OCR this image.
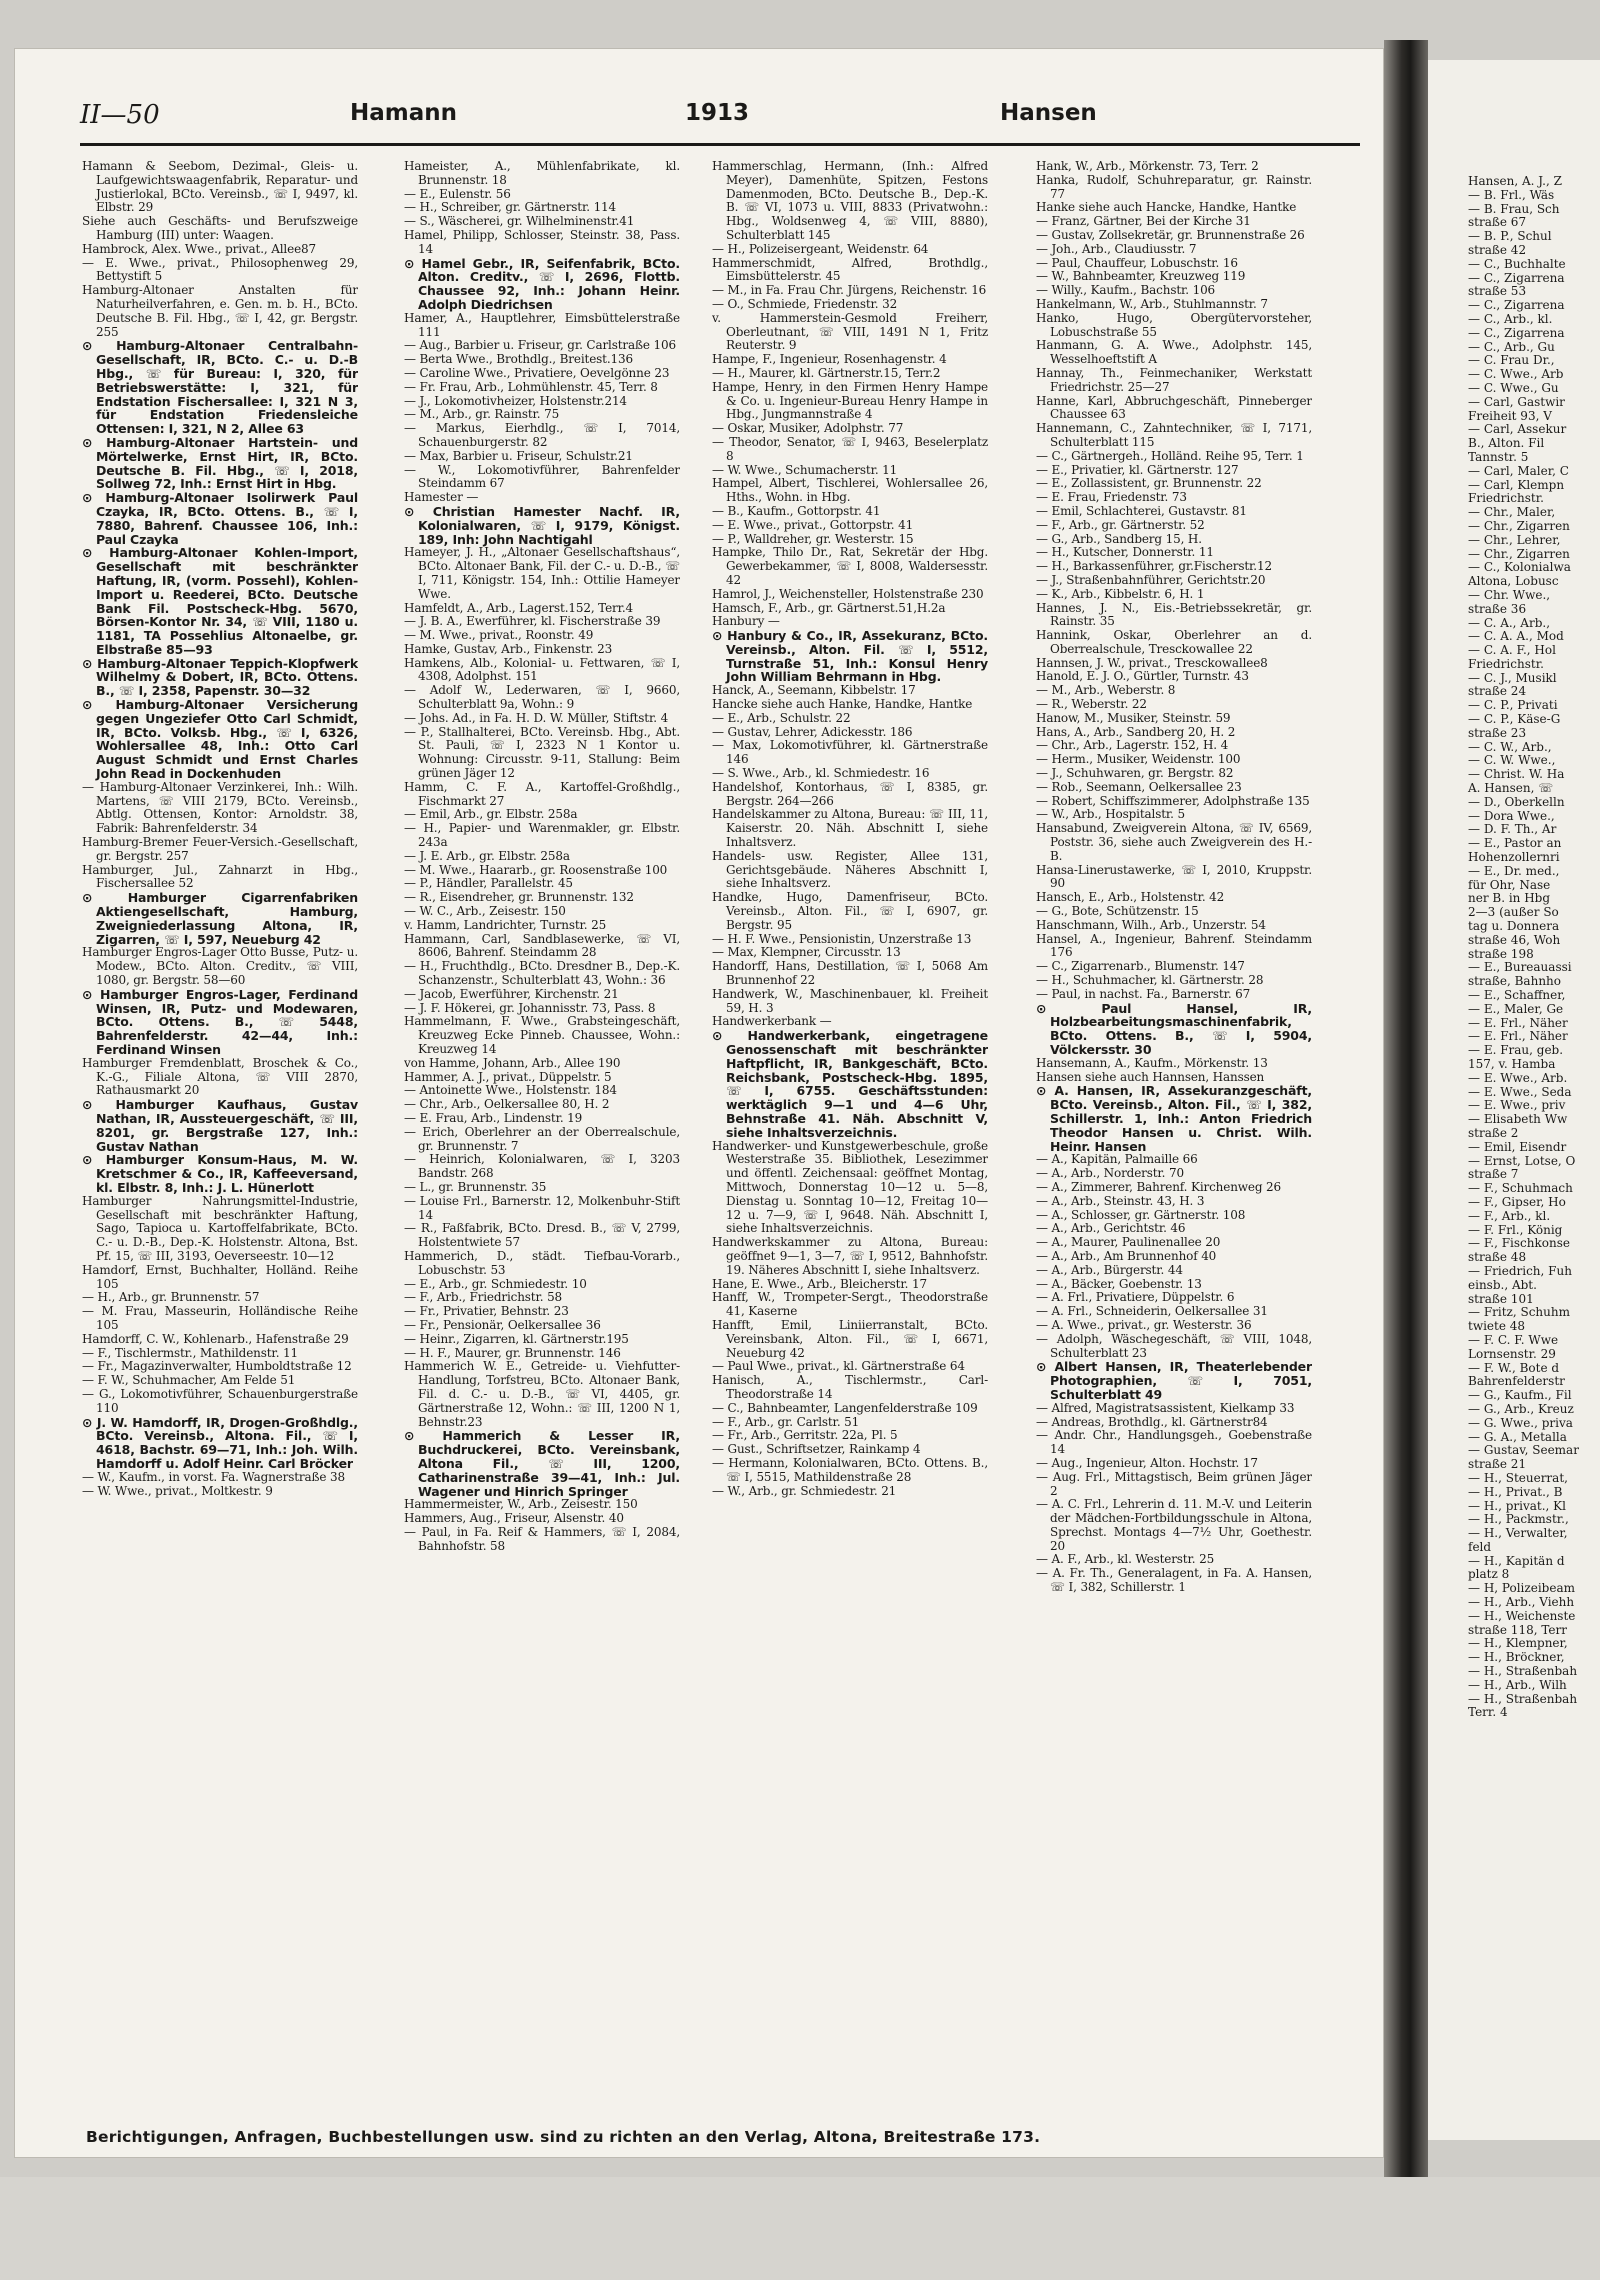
Hansen, A. J., Z
— B. Frl., Wäs
— B. Frau, Sch
straße 67
— B. P., Schul
straße 42
— C., Buchhalte
— C., Zigarrena
straße 53
— C., Zigarrena
— C., Arb., kl.
— C., Zigarrena
— C., Arb., Gu
— C. Frau Dr.,
— C. Wwe., Arb
— C. Wwe., Gu
— Carl, Gastwir
Freiheit 93, V
— Carl, Assekur
B., Alton. Fil
Tannstr. 5
— Carl, Maler, C
— Carl, Klempn
Friedrichstr.
— Chr., Maler,
— Chr., Zigarren
— Chr., Lehrer,
— Chr., Zigarren
— C., Kolonialwa
Altona, Lobusc
— Chr. Wwe.,
straße 36
— C. A., Arb.,
— C. A. A., Mod
— C. A. F., Hol
Friedrichstr.
— C. J., Musikl
straße 24
— C. P., Privati
— C. P., Käse-G
straße 23
— C. W., Arb.,
— C. W. Wwe.,
— Christ. W. Ha
A. Hansen, ☏
— D., Oberkelln
— Dora Wwe.,
— D. F. Th., Ar
— E., Pastor an
Hohenzollernri
— E., Dr. med.,
für Ohr, Nase
ner B. in Hbg
2—3 (außer So
tag u. Donnera
straße 46, Woh
straße 198
— E., Bureauassi
straße, Bahnho
— E., Schaffner,
— E., Maler, Ge
— E. Frl., Näher
— E. Frl., Näher
— E. Frau, geb.
157, v. Hamba
— E. Wwe., Arb.
— E. Wwe., Seda
— E. Wwe., priv
— Elisabeth Ww
straße 2
— Emil, Eisendr
— Ernst, Lotse, O
straße 7
— F., Schuhmach
— F., Gipser, Ho
— F., Arb., kl.
— F. Frl., König
— F., Fischkonse
straße 48
— Friedrich, Fuh
einsb., Abt.
straße 101
— Fritz, Schuhm
twiete 48
— F. C. F. Wwe
Lornsenstr. 29
— F. W., Bote d
Bahrenfelderstr
— G., Kaufm., Fil
— G., Arb., Kreuz
— G. Wwe., priva
— G. A., Metalla
— Gustav, Seemar
straße 21
— H., Steuerrat,
— H., Privat., B
— H., privat., Kl
— H., Packmstr.,
— H., Verwalter,
feld
— H., Kapitän d
platz 8
— H, Polizeibeam
— H., Arb., Viehh
— H., Weichenste
straße 118, Terr
— H., Klempner,
— H., Bröckner,
— H., Straßenbah
— H., Arb., Wilh
— H., Straßenbah
Terr. 4
II—50	Hamann	1913	Hansen

Hamann & Seebom, Dezimal-, Gleis- u. Laufgewichtswaagenfabrik, Reparatur- und Justierlokal, BCto. Vereinsb., ☏ I, 9497, kl. Elbstr. 29

Siehe auch Geschäfts- und Berufszweige Hamburg (III) unter: Waagen.

Hambrock, Alex. Wwe., privat., Allee87

— E. Wwe., privat., Philosophenweg 29, Bettystift 5

Hamburg-Altonaer Anstalten für Naturheilverfahren, e. Gen. m. b. H., BCto. Deutsche B. Fil. Hbg., ☏ I, 42, gr. Bergstr. 255

⊙ Hamburg-Altonaer Centralbahn-Gesellschaft, IR, BCto. C.- u. D.-B Hbg., ☏ für Bureau: I, 320, für Betriebswerstätte: I, 321, für Endstation Fischersallee: I, 321 N 3, für Endstation Friedensleiche Ottensen: I, 321, N 2, Allee 63

⊙ Hamburg-Altonaer Hartstein- und Mörtelwerke, Ernst Hirt, IR, BCto. Deutsche B. Fil. Hbg., ☏ I, 2018, Sollweg 72, Inh.: Ernst Hirt in Hbg.

⊙ Hamburg-Altonaer Isolirwerk Paul Czayka, IR, BCto. Ottens. B., ☏ I, 7880, Bahrenf. Chaussee 106, Inh.: Paul Czayka

⊙ Hamburg-Altonaer Kohlen-Import, Gesellschaft mit beschränkter Haftung, IR, (vorm. Possehl), Kohlen-Import u. Reederei, BCto. Deutsche Bank Fil. Postscheck-Hbg. 5670, Börsen-Kontor Nr. 34, ☏ VIII, 1180 u. 1181, TA Possehlius Altonaelbe, gr. Elbstraße 85—93

⊙ Hamburg-Altonaer Teppich-Klopfwerk Wilhelmy & Dobert, IR, BCto. Ottens. B., ☏ I, 2358, Papenstr. 30—32

⊙ Hamburg-Altonaer Versicherung gegen Ungeziefer Otto Carl Schmidt, IR, BCto. Volksb. Hbg., ☏ I, 6326, Wohlersallee 48, Inh.: Otto Carl August Schmidt und Ernst Charles John Read in Dockenhuden

— Hamburg-Altonaer Verzinkerei, Inh.: Wilh. Martens, ☏ VIII 2179, BCto. Vereinsb., Abtlg. Ottensen, Kontor: Arnoldstr. 38, Fabrik: Bahrenfelderstr. 34

Hamburg-Bremer Feuer-Versich.-Gesellschaft, gr. Bergstr. 257

Hamburger, Jul., Zahnarzt in Hbg., Fischersallee 52

⊙ Hamburger Cigarrenfabriken Aktiengesellschaft, Hamburg, Zweigniederlassung Altona, IR, Zigarren, ☏ I, 597, Neueburg 42

Hamburger Engros-Lager Otto Busse, Putz- u. Modew., BCto. Alton. Creditv., ☏ VIII, 1080, gr. Bergstr. 58—60

⊙ Hamburger Engros-Lager, Ferdinand Winsen, IR, Putz- und Modewaren, BCto. Ottens. B., ☏ 5448, Bahrenfelderstr. 42—44, Inh.: Ferdinand Winsen

Hamburger Fremdenblatt, Broschek & Co., K.-G., Filiale Altona, ☏ VIII 2870, Rathausmarkt 20

⊙ Hamburger Kaufhaus, Gustav Nathan, IR, Aussteuergeschäft, ☏ III, 8201, gr. Bergstraße 127, Inh.: Gustav Nathan

⊙ Hamburger Konsum-Haus, M. W. Kretschmer & Co., IR, Kaffeeversand, kl. Elbstr. 8, Inh.: J. L. Hünerlott

Hamburger Nahrungsmittel-Industrie, Gesellschaft mit beschränkter Haftung, Sago, Tapioca u. Kartoffelfabrikate, BCto. C.- u. D.-B., Dep.-K. Holstenstr. Altona, Bst. Pf. 15, ☏ III, 3193, Oeverseestr. 10—12

Hamdorf, Ernst, Buchhalter, Holländ. Reihe 105

— H., Arb., gr. Brunnenstr. 57

— M. Frau, Masseurin, Holländische Reihe 105

Hamdorff, C. W., Kohlenarb., Hafenstraße 29

— F., Tischlermstr., Mathildenstr. 11

— Fr., Magazinverwalter, Humboldtstraße 12

— F. W., Schuhmacher, Am Felde 51

— G., Lokomotivführer, Schauenburgerstraße 110

⊙ J. W. Hamdorff, IR, Drogen-Großhdlg., BCto. Vereinsb., Altona. Fil., ☏ I, 4618, Bachstr. 69—71, Inh.: Joh. Wilh. Hamdorff u. Adolf Heinr. Carl Bröcker

— W., Kaufm., in vorst. Fa. Wagnerstraße 38

— W. Wwe., privat., Moltkestr. 9

Hameister, A., Mühlenfabrikate, kl. Brunnenstr. 18

— E., Eulenstr. 56

— H., Schreiber, gr. Gärtnerstr. 114

— S., Wäscherei, gr. Wilhelminenstr.41

Hamel, Philipp, Schlosser, Steinstr. 38, Pass. 14

⊙ Hamel Gebr., IR, Seifenfabrik, BCto. Alton. Creditv., ☏ I, 2696, Flottb. Chaussee 92, Inh.: Johann Heinr. Adolph Diedrichsen

Hamer, A., Hauptlehrer, Eimsbüttelerstraße 111

— Aug., Barbier u. Friseur, gr. Carlstraße 106

— Berta Wwe., Brothdlg., Breitest.136

— Caroline Wwe., Privatiere, Oevelgönne 23

— Fr. Frau, Arb., Lohmühlenstr. 45, Terr. 8

— J., Lokomotivheizer, Holstenstr.214

— M., Arb., gr. Rainstr. 75

— Markus, Eierhdlg., ☏ I, 7014, Schauenburgerstr. 82

— Max, Barbier u. Friseur, Schulstr.21

— W., Lokomotivführer, Bahrenfelder Steindamm 67

Hamester —

⊙ Christian Hamester Nachf. IR, Kolonialwaren, ☏ I, 9179, Königst. 189, Inh: John Nachtigahl

Hameyer, J. H., „Altonaer Gesellschaftshaus“, BCto. Altonaer Bank, Fil. der C.- u. D.-B., ☏ I, 711, Königstr. 154, Inh.: Ottilie Hameyer Wwe.

Hamfeldt, A., Arb., Lagerst.152, Terr.4

— J. B. A., Ewerführer, kl. Fischerstraße 39

— M. Wwe., privat., Roonstr. 49

Hamke, Gustav, Arb., Finkenstr. 23

Hamkens, Alb., Kolonial- u. Fettwaren, ☏ I, 4308, Adolphst. 151

— Adolf W., Lederwaren, ☏ I, 9660, Schulterblatt 9a, Wohn.: 9

— Johs. Ad., in Fa. H. D. W. Müller, Stiftstr. 4

— P., Stallhalterei, BCto. Vereinsb. Hbg., Abt. St. Pauli, ☏ I, 2323 N 1 Kontor u. Wohnung: Circusstr. 9-11, Stallung: Beim grünen Jäger 12

Hamm, C. F. A., Kartoffel-Großhdlg., Fischmarkt 27

— Emil, Arb., gr. Elbstr. 258a

— H., Papier- und Warenmakler, gr. Elbstr. 243a

— J. E. Arb., gr. Elbstr. 258a

— M. Wwe., Haararb., gr. Roosenstraße 100

— P., Händler, Parallelstr. 45

— R., Eisendreher, gr. Brunnenstr. 132

— W. C., Arb., Zeisestr. 150

v. Hamm, Landrichter, Turnstr. 25

Hammann, Carl, Sandblasewerke, ☏ VI, 8606, Bahrenf. Steindamm 28

— H., Fruchthdlg., BCto. Dresdner B., Dep.-K. Schanzenstr., Schulterblatt 43, Wohn.: 36

— Jacob, Ewerführer, Kirchenstr. 21

— J. F. Hökerei, gr. Johannisstr. 73, Pass. 8

Hammelmann, F. Wwe., Grabsteingeschäft, Kreuzweg Ecke Pinneb. Chaussee, Wohn.: Kreuzweg 14

von Hamme, Johann, Arb., Allee 190

Hammer, A. J., privat., Düppelstr. 5

— Antoinette Wwe., Holstenstr. 184

— Chr., Arb., Oelkersallee 80, H. 2

— E. Frau, Arb., Lindenstr. 19

— Erich, Oberlehrer an der Oberrealschule, gr. Brunnenstr. 7

— Heinrich, Kolonialwaren, ☏ I, 3203 Bandstr. 268

— L., gr. Brunnenstr. 35

— Louise Frl., Barnerstr. 12, Molkenbuhr-Stift 14

— R., Faßfabrik, BCto. Dresd. B., ☏ V, 2799, Holstentwiete 57

Hammerich, D., städt. Tiefbau-Vorarb., Lobuschstr. 53

— E., Arb., gr. Schmiedestr. 10

— F., Arb., Friedrichstr. 58

— Fr., Privatier, Behnstr. 23

— Fr., Pensionär, Oelkersallee 36

— Heinr., Zigarren, kl. Gärtnerstr.195

— H. F., Maurer, gr. Brunnenstr. 146

Hammerich W. E., Getreide- u. Viehfutter-Handlung, Torfstreu, BCto. Altonaer Bank, Fil. d. C.- u. D.-B., ☏ VI, 4405, gr. Gärtnerstraße 12, Wohn.: ☏ III, 1200 N 1, Behnstr.23

⊙ Hammerich & Lesser IR, Buchdruckerei, BCto. Vereinsbank, Altona Fil., ☏ III, 1200, Catharinenstraße 39—41, Inh.: Jul. Wagener und Hinrich Springer

Hammermeister, W., Arb., Zeisestr. 150

Hammers, Aug., Friseur, Alsenstr. 40

— Paul, in Fa. Reif & Hammers, ☏ I, 2084, Bahnhofstr. 58

Hammerschlag, Hermann, (Inh.: Alfred Meyer), Damenhüte, Spitzen, Festons Damenmoden, BCto. Deutsche B., Dep.-K. B. ☏ VI, 1073 u. VIII, 8833 (Privatwohn.: Hbg., Woldsenweg 4, ☏ VIII, 8880), Schulterblatt 145

— H., Polizeisergeant, Weidenstr. 64

Hammerschmidt, Alfred, Brothdlg., Eimsbüttelerstr. 45

— M., in Fa. Frau Chr. Jürgens, Reichenstr. 16

— O., Schmiede, Friedenstr. 32

v. Hammerstein-Gesmold Freiherr, Oberleutnant, ☏ VIII, 1491 N 1, Fritz Reuterstr. 9

Hampe, F., Ingenieur, Rosenhagenstr. 4

— H., Maurer, kl. Gärtnerstr.15, Terr.2

Hampe, Henry, in den Firmen Henry Hampe & Co. u. Ingenieur-Bureau Henry Hampe in Hbg., Jungmannstraße 4

— Oskar, Musiker, Adolphstr. 77

— Theodor, Senator, ☏ I, 9463, Beselerplatz 8

— W. Wwe., Schumacherstr. 11

Hampel, Albert, Tischlerei, Wohlersallee 26, Hths., Wohn. in Hbg.

— B., Kaufm., Gottorpstr. 41

— E. Wwe., privat., Gottorpstr. 41

— P., Walldreher, gr. Westerstr. 15

Hampke, Thilo Dr., Rat, Sekretär der Hbg. Gewerbekammer, ☏ I, 8008, Waldersesstr. 42

Hamrol, J., Weichensteller, Holstenstraße 230

Hamsch, F., Arb., gr. Gärtnerst.51,H.2a

Hanbury —

⊙ Hanbury & Co., IR, Assekuranz, BCto. Vereinsb., Alton. Fil. ☏ I, 5512, Turnstraße 51, Inh.: Konsul Henry John William Behrmann in Hbg.

Hanck, A., Seemann, Kibbelstr. 17

Hancke siehe auch Hanke, Handke, Hantke

— E., Arb., Schulstr. 22

— Gustav, Lehrer, Adickesstr. 186

— Max, Lokomotivführer, kl. Gärtnerstraße 146

— S. Wwe., Arb., kl. Schmiedestr. 16

Handelshof, Kontorhaus, ☏ I, 8385, gr. Bergstr. 264—266

Handelskammer zu Altona, Bureau: ☏ III, 11, Kaiserstr. 20. Näh. Abschnitt I, siehe Inhaltsverz.

Handels- usw. Register, Allee 131, Gerichtsgebäude. Näheres Abschnitt I, siehe Inhaltsverz.

Handke, Hugo, Damenfriseur, BCto. Vereinsb., Alton. Fil., ☏ I, 6907, gr. Bergstr. 95

— H. F. Wwe., Pensionistin, Unzerstraße 13

— Max, Klempner, Circusstr. 13

Handorff, Hans, Destillation, ☏ I, 5068 Am Brunnenhof 22

Handwerk, W., Maschinenbauer, kl. Freiheit 59, H. 3

Handwerkerbank —

⊙ Handwerkerbank, eingetragene Genossenschaft mit beschränkter Haftpflicht, IR, Bankgeschäft, BCto. Reichsbank, Postscheck-Hbg. 1895, ☏ I, 6755. Geschäftsstunden: werktäglich 9—1 und 4—6 Uhr, Behnstraße 41. Näh. Abschnitt V, siehe Inhaltsverzeichnis.

Handwerker- und Kunstgewerbeschule, große Westerstraße 35. Bibliothek, Lesezimmer und öffentl. Zeichensaal: geöffnet Montag, Mittwoch, Donnerstag 10—12 u. 5—8, Dienstag u. Sonntag 10—12, Freitag 10—12 u. 7—9, ☏ I, 9648. Näh. Abschnitt I, siehe Inhaltsverzeichnis.

Handwerkskammer zu Altona, Bureau: geöffnet 9—1, 3—7, ☏ I, 9512, Bahnhofstr. 19. Näheres Abschnitt I, siehe Inhaltsverz.

Hane, E. Wwe., Arb., Bleicherstr. 17

Hanff, W., Trompeter-Sergt., Theodorstraße 41, Kaserne

Hanfft, Emil, Liniierranstalt, BCto. Vereinsbank, Alton. Fil., ☏ I, 6671, Neueburg 42

— Paul Wwe., privat., kl. Gärtnerstraße 64

Hanisch, A., Tischlermstr., Carl-Theodorstraße 14

— C., Bahnbeamter, Langenfelderstraße 109

— F., Arb., gr. Carlstr. 51

— Fr., Arb., Gerritstr. 22a, Pl. 5

— Gust., Schriftsetzer, Rainkamp 4

— Hermann, Kolonialwaren, BCto. Ottens. B., ☏ I, 5515, Mathildenstraße 28

— W., Arb., gr. Schmiedestr. 21

Hank, W., Arb., Mörkenstr. 73, Terr. 2

Hanka, Rudolf, Schuhreparatur, gr. Rainstr. 77

Hanke siehe auch Hancke, Handke, Hantke

— Franz, Gärtner, Bei der Kirche 31

— Gustav, Zollsekretär, gr. Brunnenstraße 26

— Joh., Arb., Claudiusstr. 7

— Paul, Chauffeur, Lobuschstr. 16

— W., Bahnbeamter, Kreuzweg 119

— Willy., Kaufm., Bachstr. 106

Hankelmann, W., Arb., Stuhlmannstr. 7

Hanko, Hugo, Obergütervorsteher, Lobuschstraße 55

Hanmann, G. A. Wwe., Adolphstr. 145, Wesselhoeftstift A

Hannay, Th., Feinmechaniker, Werkstatt Friedrichstr. 25—27

Hanne, Karl, Abbruchgeschäft, Pinneberger Chaussee 63

Hannemann, C., Zahntechniker, ☏ I, 7171, Schulterblatt 115

— C., Gärtnergeh., Holländ. Reihe 95, Terr. 1

— E., Privatier, kl. Gärtnerstr. 127

— E., Zollassistent, gr. Brunnenstr. 22

— E. Frau, Friedenstr. 73

— Emil, Schlachterei, Gustavstr. 81

— F., Arb., gr. Gärtnerstr. 52

— G., Arb., Sandberg 15, H.

— H., Kutscher, Donnerstr. 11

— H., Barkassenführer, gr.Fischerstr.12

— J., Straßenbahnführer, Gerichtstr.20

— K., Arb., Kibbelstr. 6, H. 1

Hannes, J. N., Eis.-Betriebssekretär, gr. Rainstr. 35

Hannink, Oskar, Oberlehrer an d. Oberrealschule, Tresckowallee 22

Hannsen, J. W., privat., Tresckowallee8

Hanold, E. J. O., Gürtler, Turnstr. 43

— M., Arb., Weberstr. 8

— R., Weberstr. 22

Hanow, M., Musiker, Steinstr. 59

Hans, A., Arb., Sandberg 20, H. 2

— Chr., Arb., Lagerstr. 152, H. 4

— Herm., Musiker, Weidenstr. 100

— J., Schuhwaren, gr. Bergstr. 82

— Rob., Seemann, Oelkersallee 23

— Robert, Schiffszimmerer, Adolphstraße 135

— W., Arb., Hospitalstr. 5

Hansabund, Zweigverein Altona, ☏ IV, 6569, Poststr. 36, siehe auch Zweigverein des H.-B.

Hansa-Linerustawerke, ☏ I, 2010, Kruppstr. 90

Hansch, E., Arb., Holstenstr. 42

— G., Bote, Schützenstr. 15

Hanschmann, Wilh., Arb., Unzerstr. 54

Hansel, A., Ingenieur, Bahrenf. Steindamm 176

— C., Zigarrenarb., Blumenstr. 147

— H., Schuhmacher, kl. Gärtnerstr. 28

— Paul, in nachst. Fa., Barnerstr. 67

⊙ Paul Hansel, IR, Holzbearbeitungsmaschinenfabrik, BCto. Ottens. B., ☏ I, 5904, Völckersstr. 30

Hansemann, A., Kaufm., Mörkenstr. 13

Hansen siehe auch Hannsen, Hanssen

⊙ A. Hansen, IR, Assekuranzgeschäft, BCto. Vereinsb., Alton. Fil., ☏ I, 382, Schillerstr. 1, Inh.: Anton Friedrich Theodor Hansen u. Christ. Wilh. Heinr. Hansen

— A., Kapitän, Palmaille 66

— A., Arb., Norderstr. 70

— A., Zimmerer, Bahrenf. Kirchenweg 26

— A., Arb., Steinstr. 43, H. 3

— A., Schlosser, gr. Gärtnerstr. 108

— A., Arb., Gerichtstr. 46

— A., Maurer, Paulinenallee 20

— A., Arb., Am Brunnenhof 40

— A., Arb., Bürgerstr. 44

— A., Bäcker, Goebenstr. 13

— A. Frl., Privatiere, Düppelstr. 6

— A. Frl., Schneiderin, Oelkersallee 31

— A. Wwe., privat., gr. Westerstr. 36

— Adolph, Wäschegeschäft, ☏ VIII, 1048, Schulterblatt 23

⊙ Albert Hansen, IR, Theaterlebender Photographien, ☏ I, 7051, Schulterblatt 49

— Alfred, Magistratsassistent, Kielkamp 33

— Andreas, Brothdlg., kl. Gärtnerstr84

— Andr. Chr., Handlungsgeh., Goebenstraße 14

— Aug., Ingenieur, Alton. Hochstr. 17

— Aug. Frl., Mittagstisch, Beim grünen Jäger 2

— A. C. Frl., Lehrerin d. 11. M.-V. und Leiterin der Mädchen-Fortbildungsschule in Altona, Sprechst. Montags 4—7½ Uhr, Goethestr. 20

— A. F., Arb., kl. Westerstr. 25

— A. Fr. Th., Generalagent, in Fa. A. Hansen, ☏ I, 382, Schillerstr. 1

Berichtigungen, Anfragen, Buchbestellungen usw. sind zu richten an den Verlag, Altona, Breitestraße 173.
